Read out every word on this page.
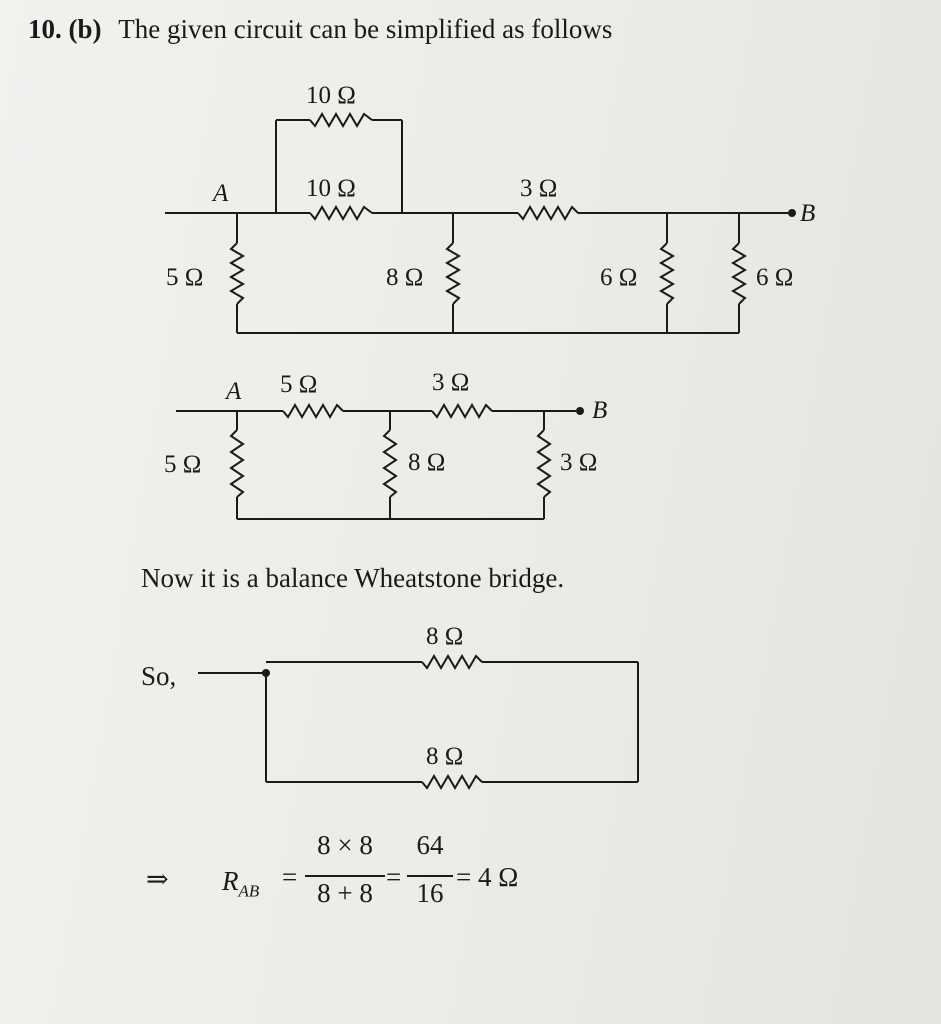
10. (b) The given circuit can be simplified as follows
10 Ω
10 Ω	3 Ω
A
B
5 Ω	8 Ω	6 Ω	6 Ω
A 5 Ω	3 Ω
B
5 Ω	8 Ω	3 Ω
8 Ω
8 Ω
Now it is a balance Wheatstone bridge.
So,
⇒ $R_{AB}$ =
8 × 8
8 + 8
=
64
16
= 4 Ω
